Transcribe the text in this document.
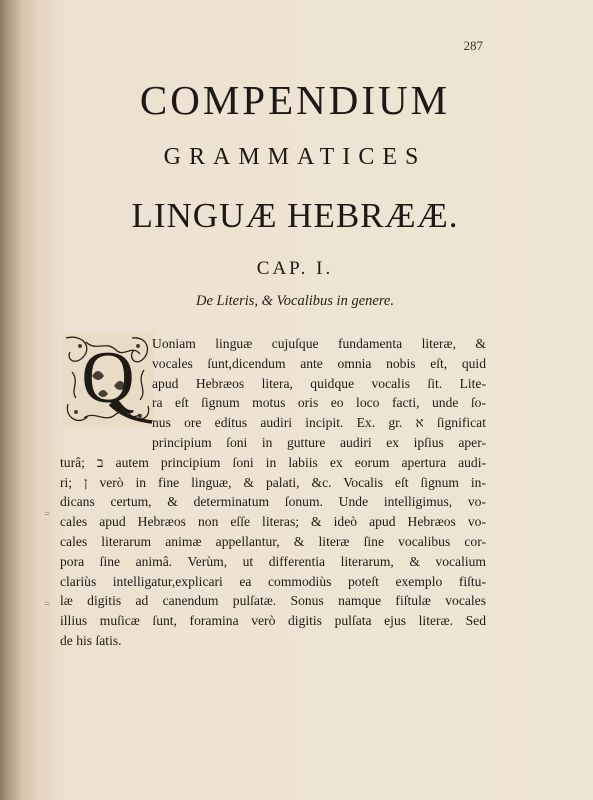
287
COMPENDIUM
GRAMMATICES
LINGUÆ HEBRÆÆ.
CAP. I.
De Literis, & Vocalibus in genere.
Q	Uoniam linguæ cujuſque fundamenta literæ, &
vocales ſunt,dicendum ante omnia nobis eſt, quid
apud Hebræos litera, quidque vocalis ſit. Lite-
ra eſt ſignum motus oris eo loco facti, unde ſo-
nus ore editus audiri incipit. Ex. gr. א ſignificat
principium ſoni in gutture audiri ex ipſius aper-
turâ; ב autem principium ſoni in labiis ex eorum apertura audi-
ri; ן verò in fine linguæ, & palati, &c. Vocalis eſt ſignum in-
dicans certum, & determinatum ſonum. Unde intelligimus, vo-
cales apud Hebræos non eſſe literas; & ideò apud Hebræos vo-
cales literarum animæ appellantur, & literæ ſine vocalibus cor-
pora ſine animâ. Verùm, ut differentia literarum, & vocalium
clariùs intelligatur,explicari ea commodiùs poteſt exemplo fiſtu-
læ digitis ad canendum pulſatæ. Sonus namque fiſtulæ vocales
illius muſicæ ſunt, foramina verò digitis pulſata ejus literæ. Sed
de his ſatis.
=
=
